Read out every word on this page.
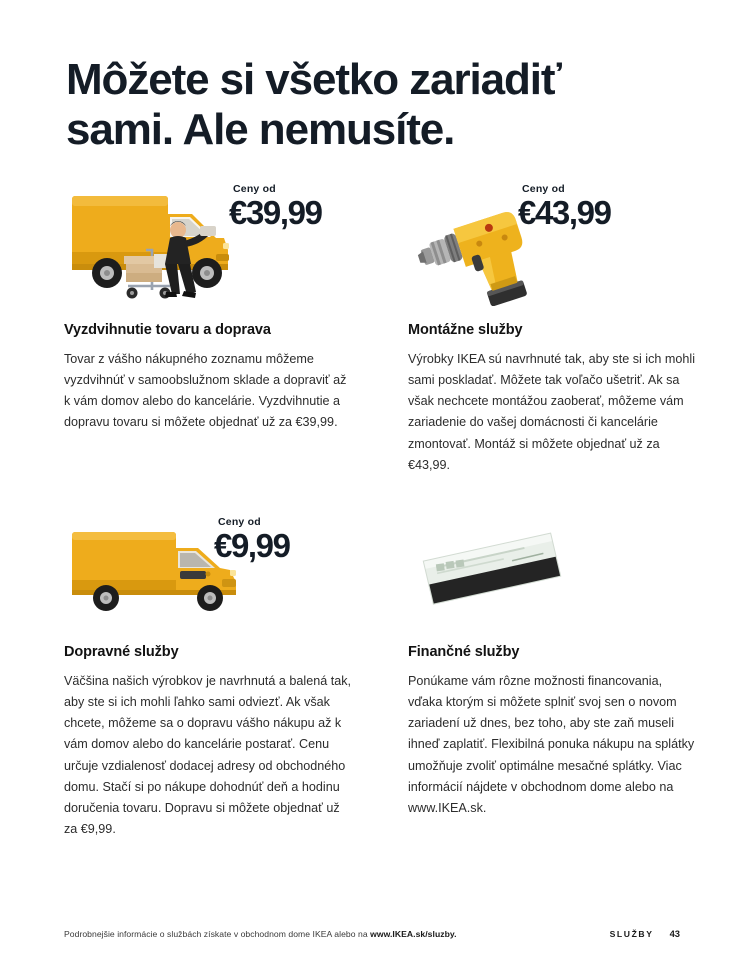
Môžete si všetko zariadiť
sami. Ale nemusíte.
Ceny od
€39,99
Vyzdvihnutie tovaru a doprava

Tovar z vášho nákupného zoznamu môžeme vyzdvihnúť v samoobslužnom sklade a dopraviť až k vám domov alebo do kancelárie. Vyzdvihnutie a dopravu tovaru si môžete objednať už za €39,99.

Ceny od
€43,99
Montážne služby

Výrobky IKEA sú navrhnuté tak, aby ste si ich mohli sami poskladať. Môžete tak voľačo ušetriť. Ak sa však nechcete montážou zaoberať, môžeme vám zariadenie do vašej domácnosti či kancelárie zmontovať. Montáž si môžete objednať už za €43,99.

Ceny od
€9,99
Dopravné služby

Väčšina našich výrobkov je navrhnutá a balená tak, aby ste si ich mohli ľahko sami odviezť. Ak však chcete, môžeme sa o dopravu vášho nákupu až k vám domov alebo do kancelárie postarať. Cenu určuje vzdialenosť dodacej adresy od obchodného domu. Stačí si po nákupe dohodnúť deň a hodinu doručenia tovaru. Dopravu si môžete objednať už za €9,99.

Finančné služby

Ponúkame vám rôzne možnosti financovania, vďaka ktorým si môžete splniť svoj sen o novom zariadení už dnes, bez toho, aby ste zaň museli ihneď zaplatiť. Flexibilná ponuka nákupu na splátky umožňuje zvoliť optimálne mesačné splátky. Viac informácií nájdete v obchodnom dome alebo na www.IKEA.sk.

Podrobnejšie informácie o službách získate v obchodnom dome IKEA alebo na www.IKEA.sk/sluzby.	SLUŽBY 43
